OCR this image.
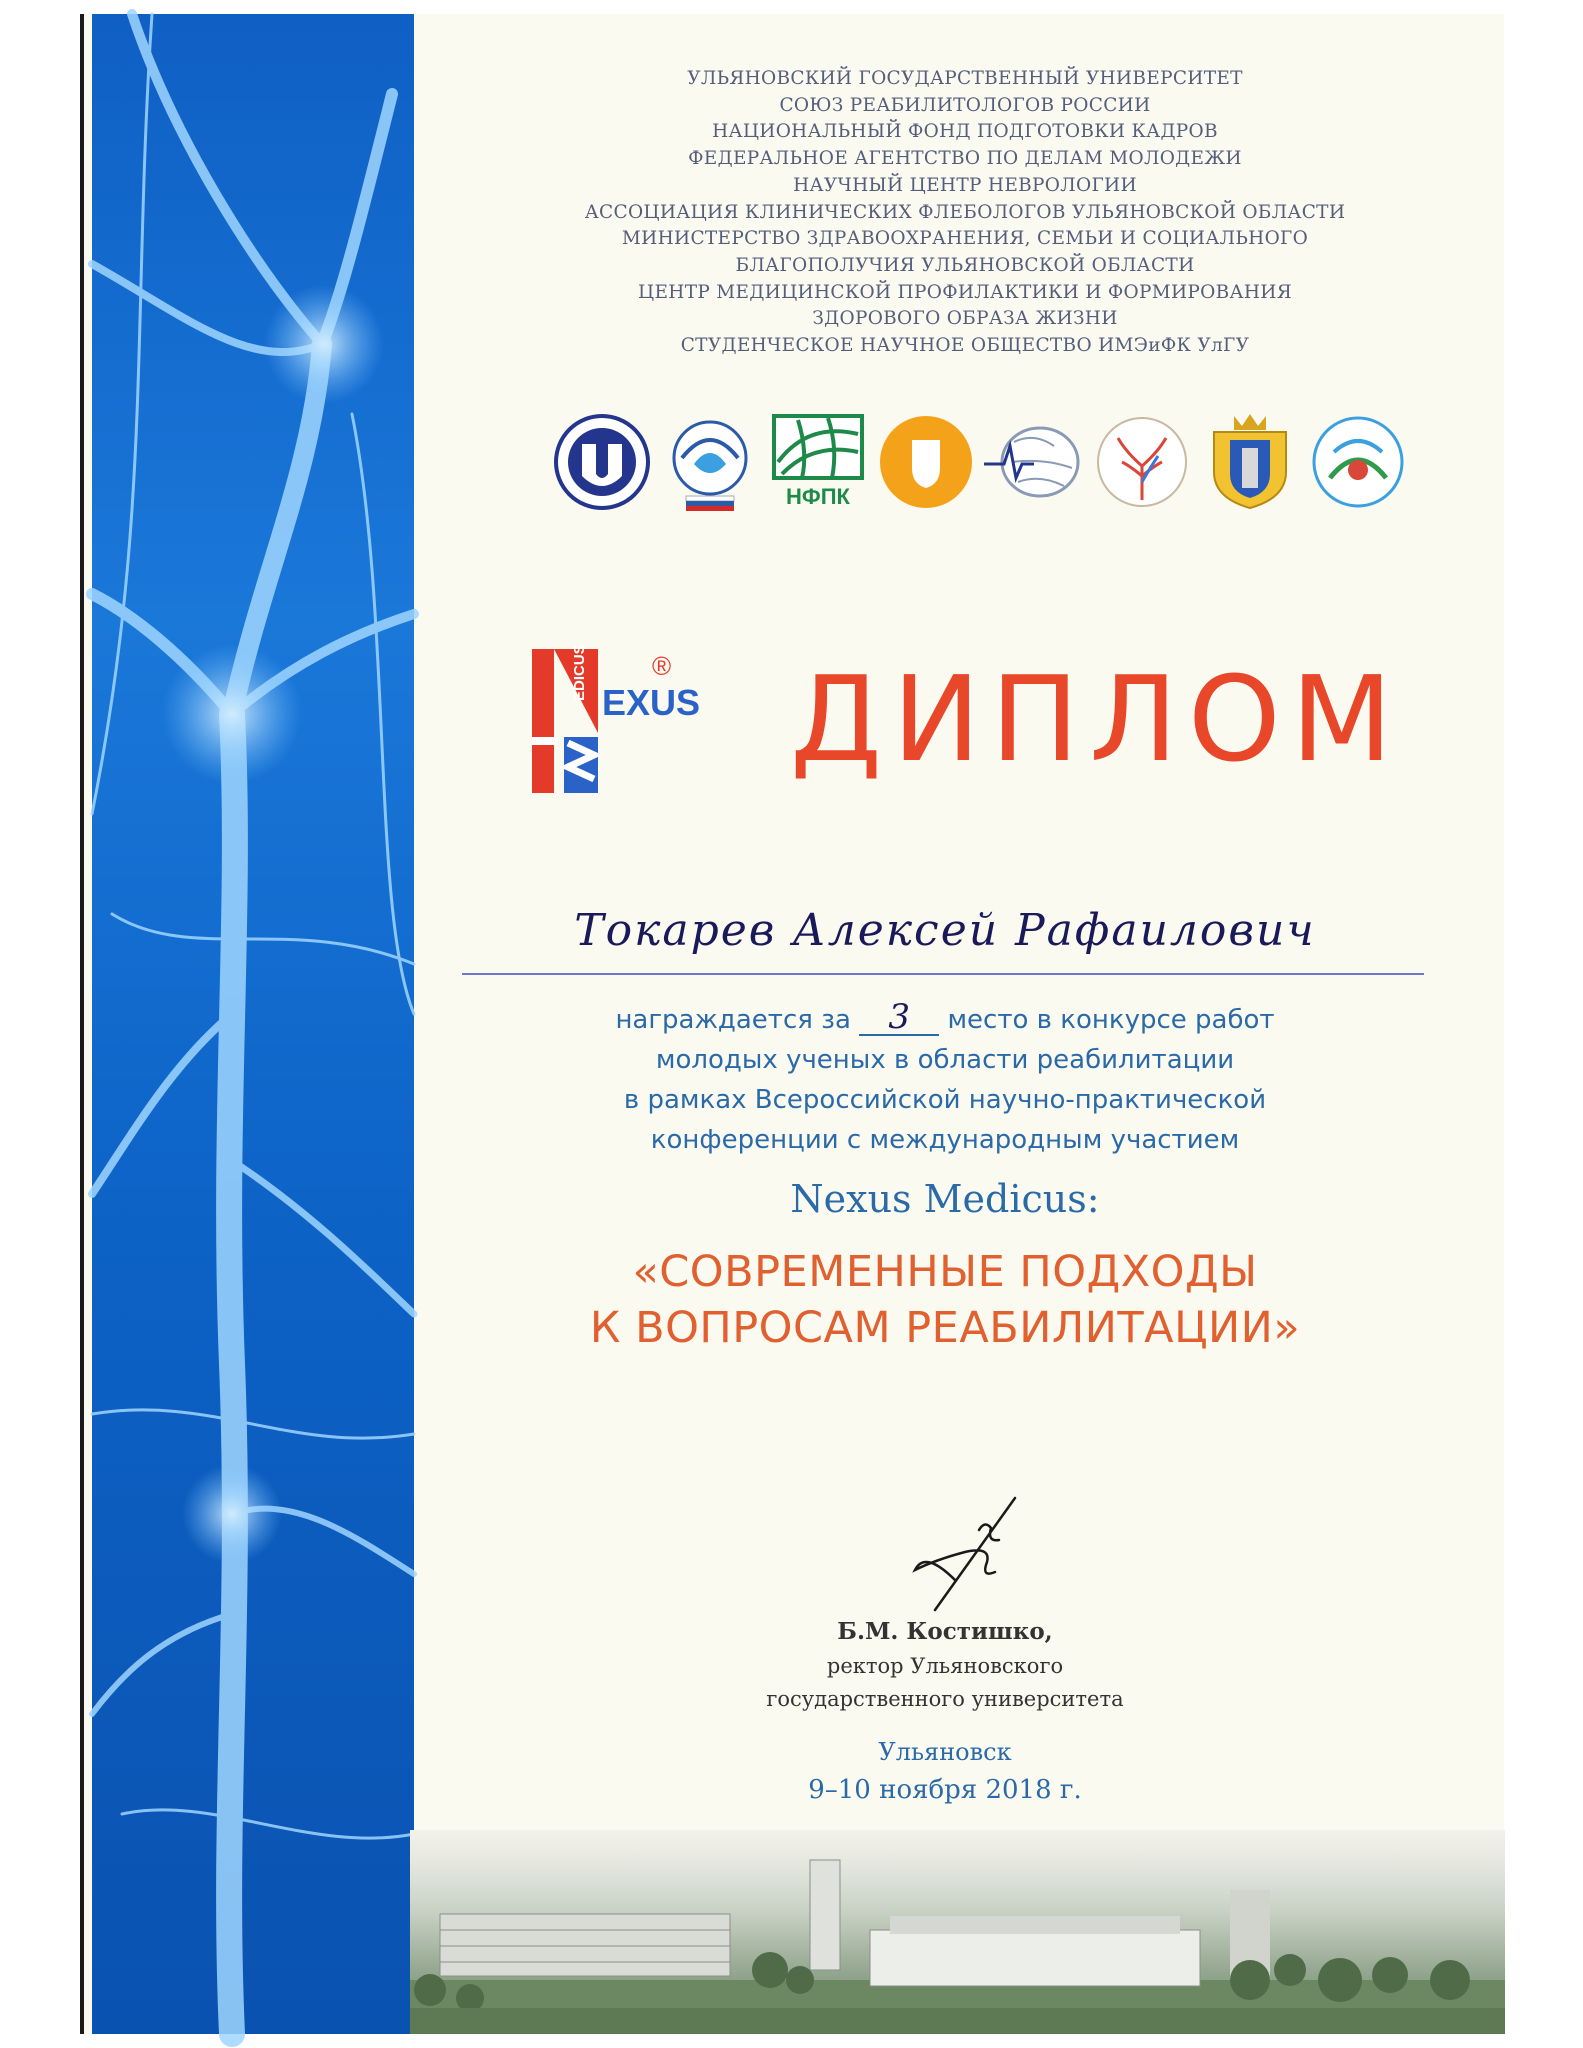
УЛЬЯНОВСКИЙ ГОСУДАРСТВЕННЫЙ УНИВЕРСИТЕТ
СОЮЗ РЕАБИЛИТОЛОГОВ РОССИИ
НАЦИОНАЛЬНЫЙ ФОНД ПОДГОТОВКИ КАДРОВ
ФЕДЕРАЛЬНОЕ АГЕНТСТВО ПО ДЕЛАМ МОЛОДЕЖИ
НАУЧНЫЙ ЦЕНТР НЕВРОЛОГИИ
АССОЦИАЦИЯ КЛИНИЧЕСКИХ ФЛЕБОЛОГОВ УЛЬЯНОВСКОЙ ОБЛАСТИ
МИНИСТЕРСТВО ЗДРАВООХРАНЕНИЯ, СЕМЬИ И СОЦИАЛЬНОГО
БЛАГОПОЛУЧИЯ УЛЬЯНОВСКОЙ ОБЛАСТИ
ЦЕНТР МЕДИЦИНСКОЙ ПРОФИЛАКТИКИ И ФОРМИРОВАНИЯ
ЗДОРОВОГО ОБРАЗА ЖИЗНИ
СТУДЕНЧЕСКОЕ НАУЧНОЕ ОБЩЕСТВО ИМЭиФК УлГУ
НФПК
EDICUS
EXUS
® ДИПЛОМ
Токарев Алексей Рафаилович
награждается за 3 место в конкурсе работ
молодых ученых в области реабилитации
в рамках Всероссийской научно-практической
конференции с международным участием
Nexus Medicus:
«СОВРЕМЕННЫЕ ПОДХОДЫ
К ВОПРОСАМ РЕАБИЛИТАЦИИ»
Б.М. Костишко,
ректор Ульяновского
государственного университета
Ульяновск
9–10 ноября 2018 г.
